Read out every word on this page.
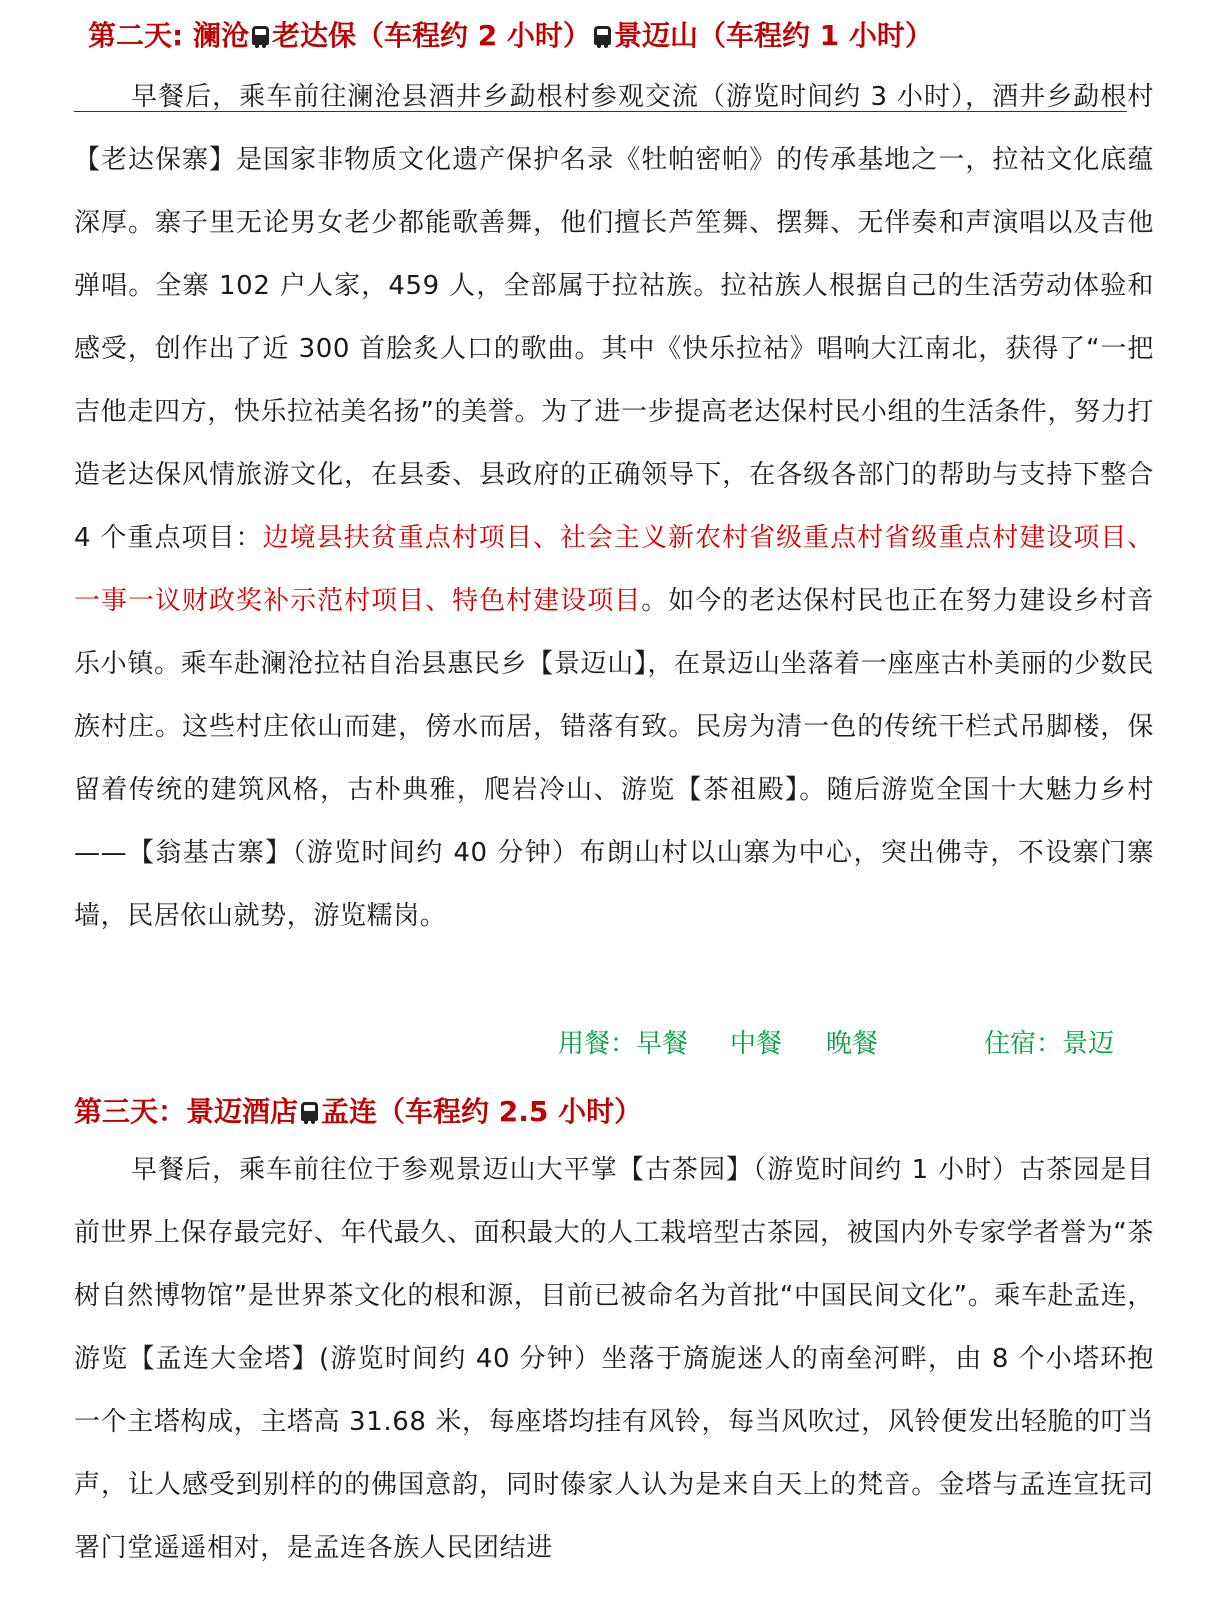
第二天: 澜沧 老达保（车程约 2 小时） 景迈山（车程约 1 小时）

早餐后，乘车前往澜沧县酒井乡勐根村参观交流（游览时间约 3 小时），酒井乡勐根村【老达保寨】是国家非物质文化遗产保护名录《牡帕密帕》的传承基地之一，拉祜文化底蕴深厚。寨子里无论男女老少都能歌善舞，他们擅长芦笙舞、摆舞、无伴奏和声演唱以及吉他弹唱。全寨 102 户人家，459 人，全部属于拉祜族。拉祜族人根据自己的生活劳动体验和感受，创作出了近 300 首脍炙人口的歌曲。其中《快乐拉祜》唱响大江南北，获得了“一把吉他走四方，快乐拉祜美名扬”的美誉。为了进一步提高老达保村民小组的生活条件，努力打造老达保风情旅游文化，在县委、县政府的正确领导下，在各级各部门的帮助与支持下整合 4 个重点项目：边境县扶贫重点村项目、社会主义新农村省级重点村省级重点村建设项目、一事一议财政奖补示范村项目、特色村建设项目。如今的老达保村民也正在努力建设乡村音乐小镇。乘车赴澜沧拉祜自治县惠民乡【景迈山】，在景迈山坐落着一座座古朴美丽的少数民族村庄。这些村庄依山而建，傍水而居，错落有致。民房为清一色的传统干栏式吊脚楼，保留着传统的建筑风格，古朴典雅，爬岩冷山、游览【茶祖殿】。随后游览全国十大魅力乡村——【翁基古寨】（游览时间约 40 分钟）布朗山村以山寨为中心，突出佛寺，不设寨门寨墙，民居依山就势，游览糯岗。

用餐：早餐 中餐 晚餐	住宿：景迈
第三天：景迈酒店 孟连（车程约 2.5 小时）

早餐后，乘车前往位于参观景迈山大平掌【古茶园】（游览时间约 1 小时）古茶园是目前世界上保存最完好、年代最久、面积最大的人工栽培型古茶园，被国内外专家学者誉为“茶树自然博物馆”是世界茶文化的根和源，目前已被命名为首批“中国民间文化”。乘车赴孟连，游览【孟连大金塔】(游览时间约 40 分钟）坐落于旖旎迷人的南垒河畔，由 8 个小塔环抱一个主塔构成，主塔高 31.68 米，每座塔均挂有风铃，每当风吹过，风铃便发出轻脆的叮当声，让人感受到别样的的佛国意韵，同时傣家人认为是来自天上的梵音。金塔与孟连宣抚司署门堂遥遥相对，是孟连各族人民团结进
